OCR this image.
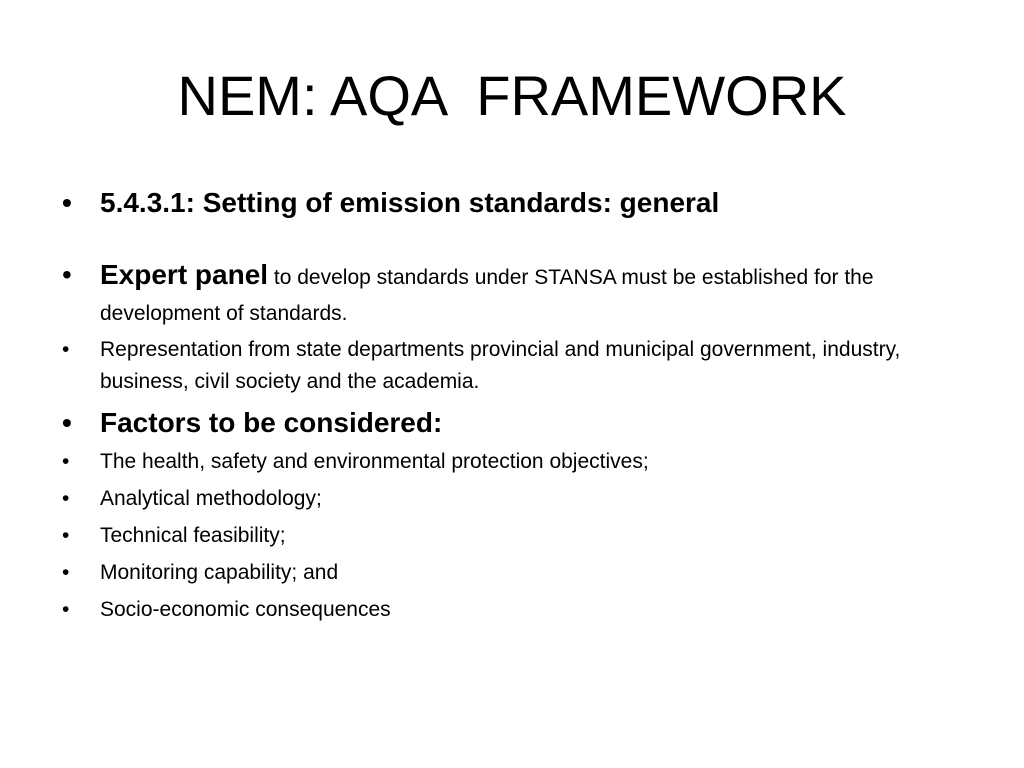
NEM: AQA  FRAMEWORK
• 5.4.3.1: Setting of emission standards: general
• Expert panel to develop standards under STANSA must be established for the development of standards.
• Representation from state departments provincial and municipal government, industry, business, civil society and the academia.
• Factors to be considered:
• The health, safety and environmental protection objectives;
• Analytical methodology;
• Technical feasibility;
• Monitoring capability; and
• Socio-economic consequences
